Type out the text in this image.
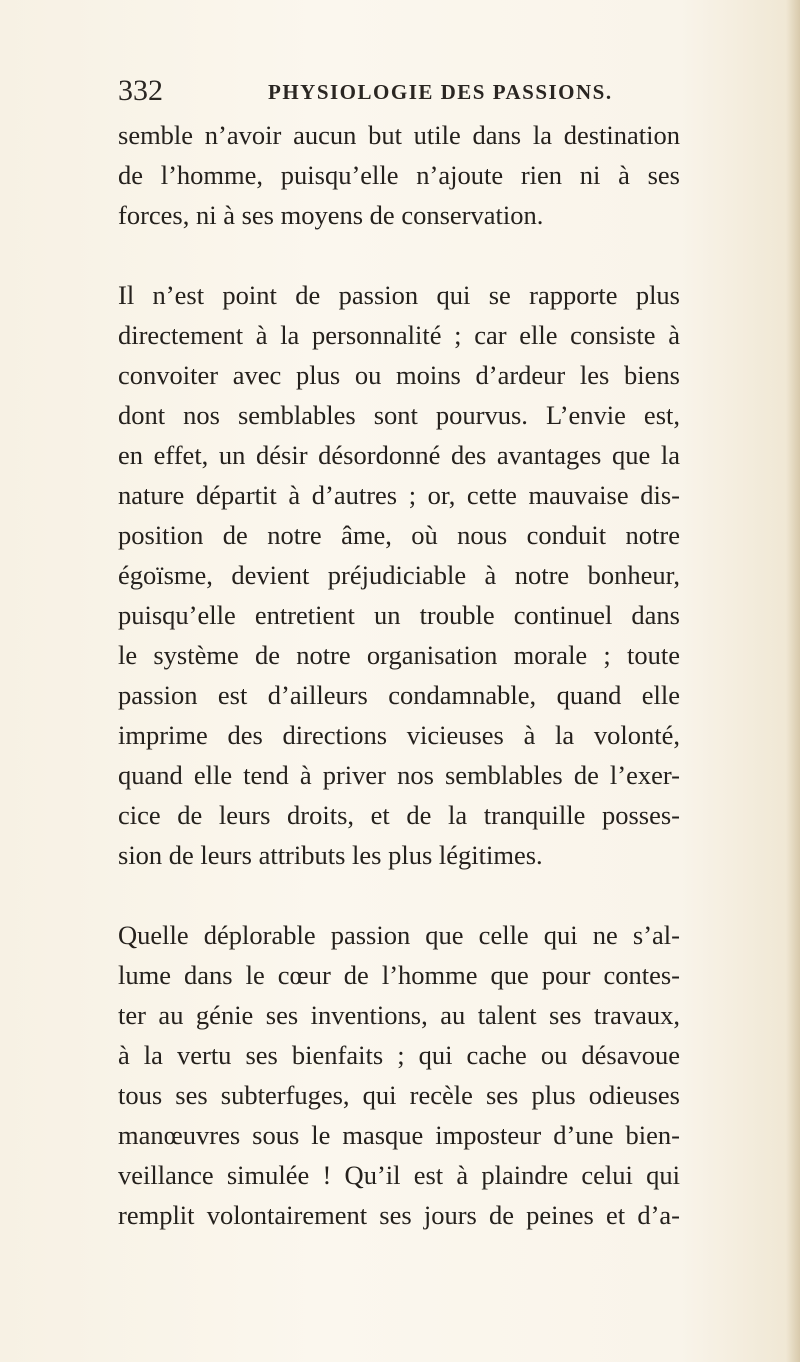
332	PHYSIOLOGIE DES PASSIONS.
semble n’avoir aucun but utile dans la destination
de l’homme, puisqu’elle n’ajoute rien ni à ses
forces, ni à ses moyens de conservation.
Il n’est point de passion qui se rapporte plus
directement à la personnalité ; car elle consiste à
convoiter avec plus ou moins d’ardeur les biens
dont nos semblables sont pourvus. L’envie est,
en effet, un désir désordonné des avantages que la
nature départit à d’autres ; or, cette mauvaise dis-
position de notre âme, où nous conduit notre
égoïsme, devient préjudiciable à notre bonheur,
puisqu’elle entretient un trouble continuel dans
le système de notre organisation morale ; toute
passion est d’ailleurs condamnable, quand elle
imprime des directions vicieuses à la volonté,
quand elle tend à priver nos semblables de l’exer-
cice de leurs droits, et de la tranquille posses-
sion de leurs attributs les plus légitimes.
Quelle déplorable passion que celle qui ne s’al-
lume dans le cœur de l’homme que pour contes-
ter au génie ses inventions, au talent ses travaux,
à la vertu ses bienfaits ; qui cache ou désavoue
tous ses subterfuges, qui recèle ses plus odieuses
manœuvres sous le masque imposteur d’une bien-
veillance simulée ! Qu’il est à plaindre celui qui
remplit volontairement ses jours de peines et d’a-
